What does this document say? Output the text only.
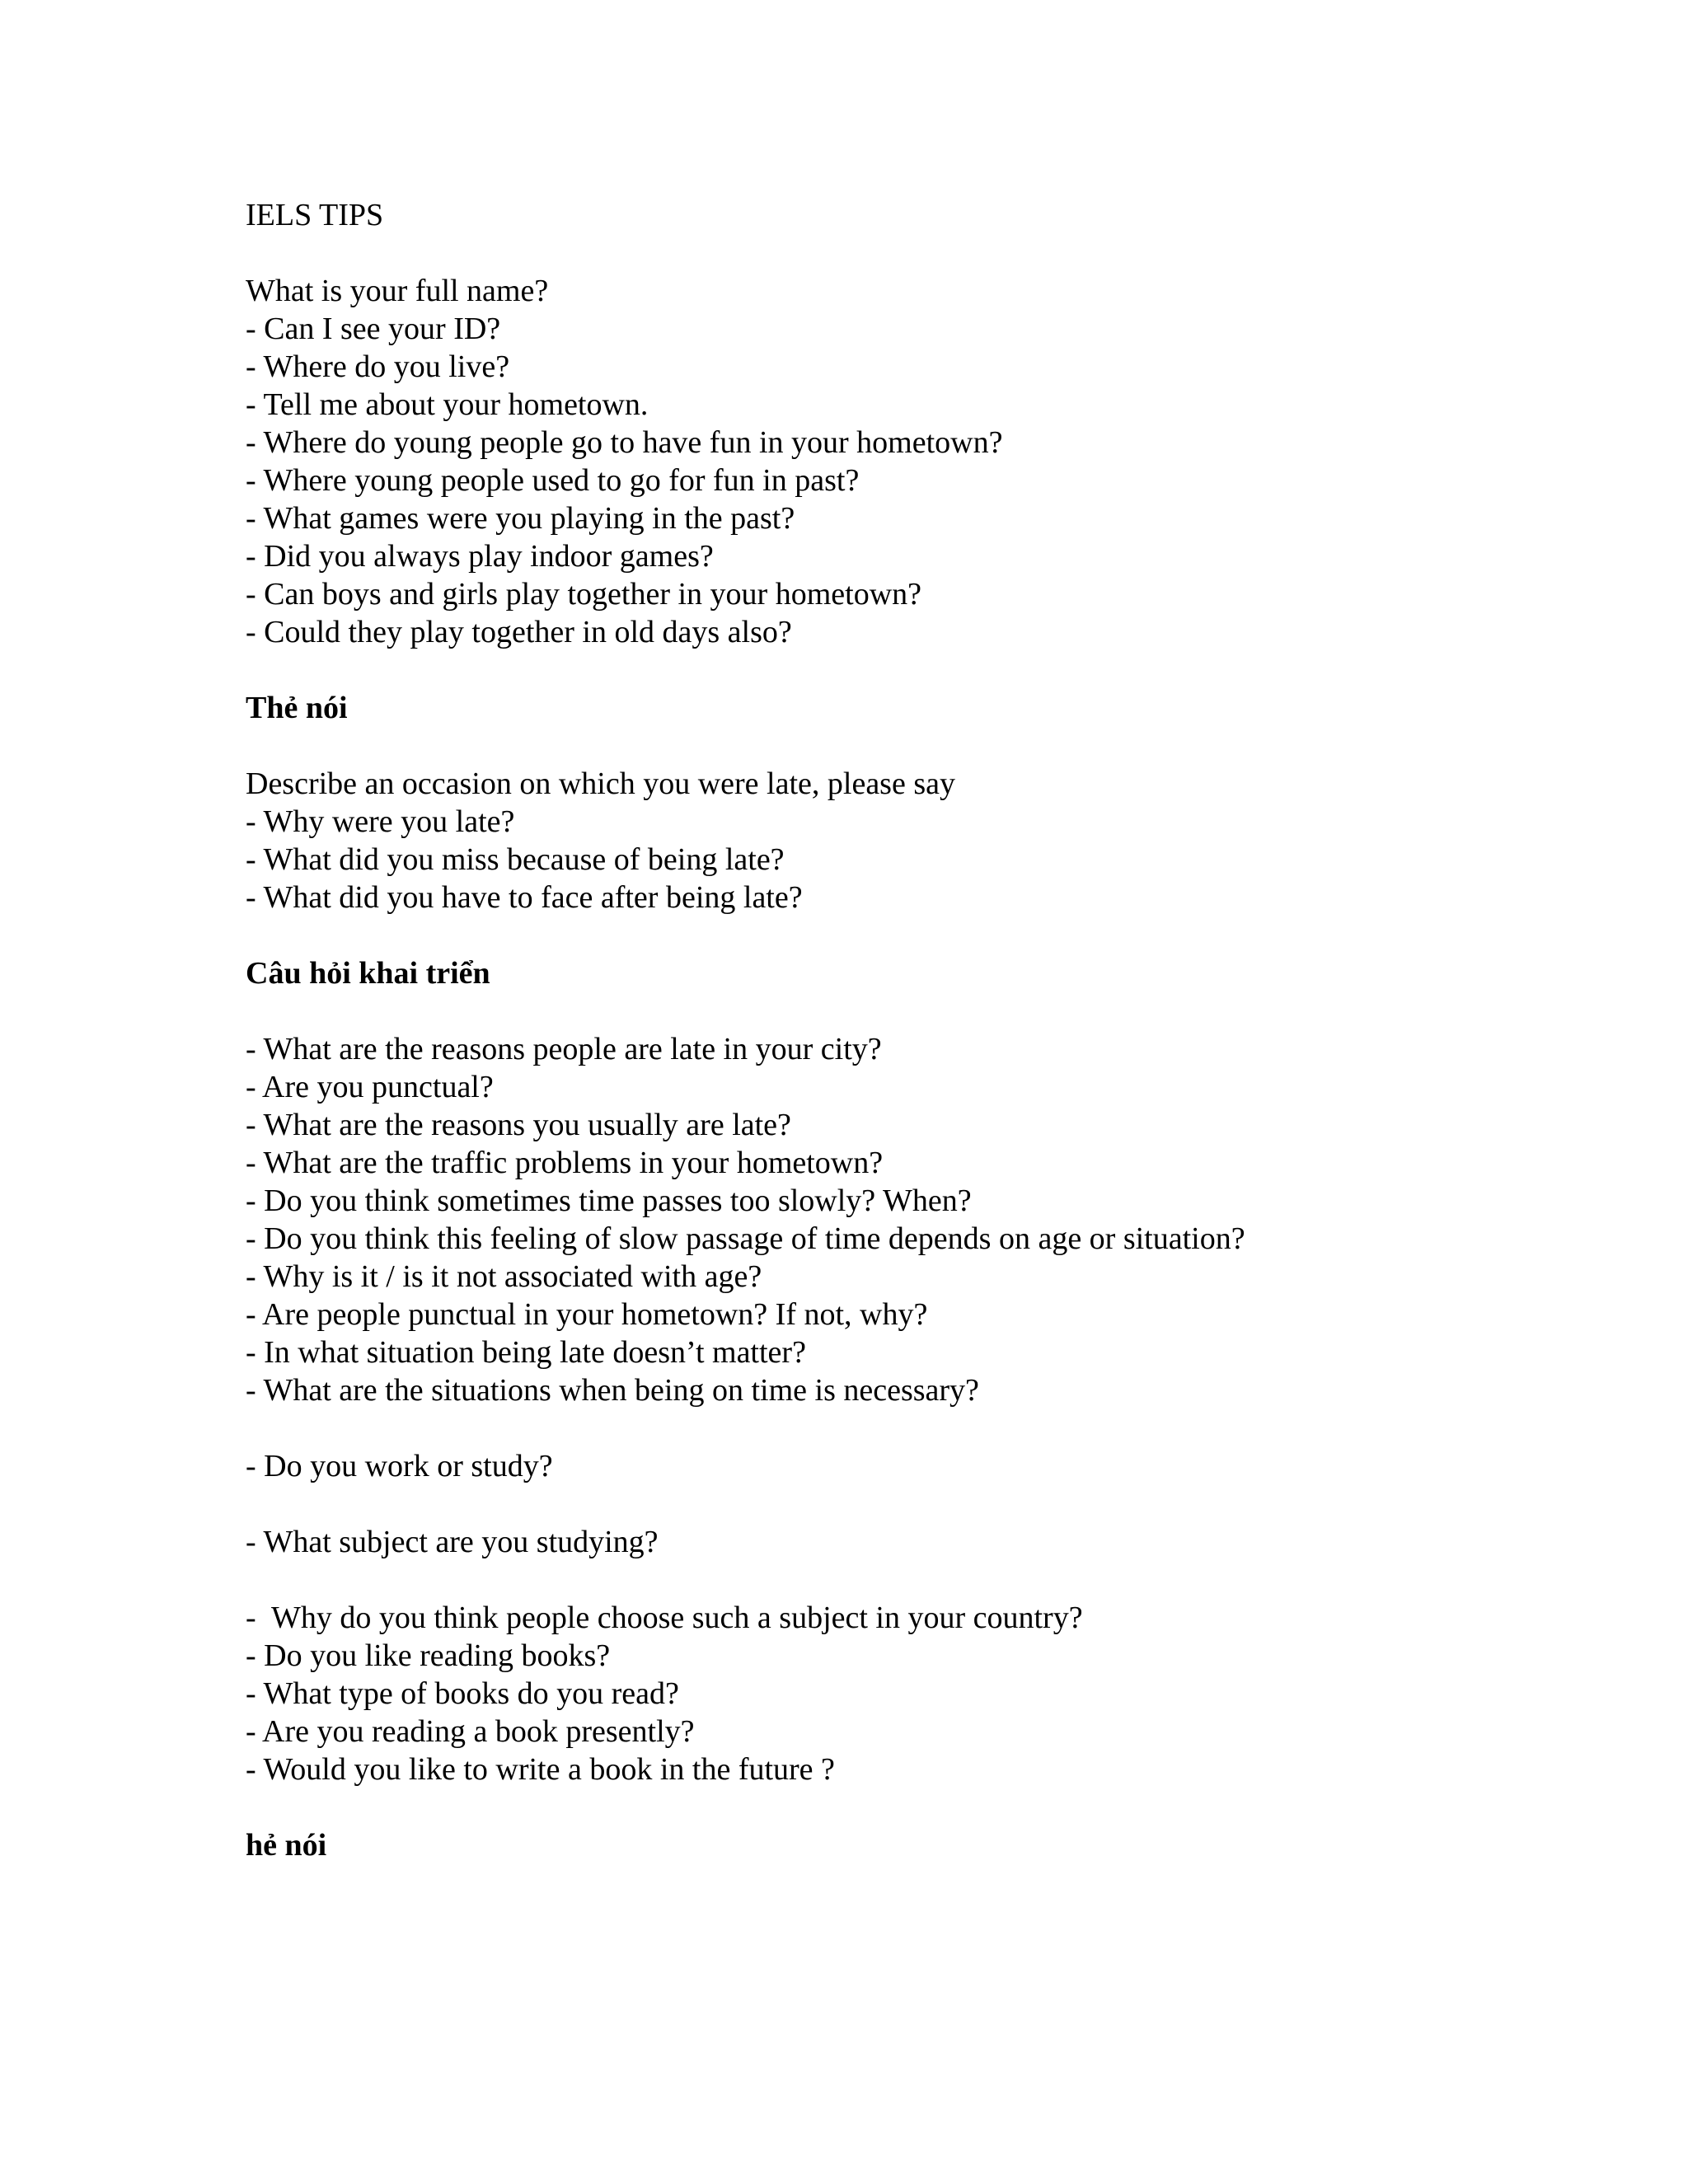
IELS TIPS

What is your full name?

- Can I see your ID?

- Where do you live?

- Tell me about your hometown.

- Where do young people go to have fun in your hometown?

- Where young people used to go for fun in past?

- What games were you playing in the past?

- Did you always play indoor games?

- Can boys and girls play together in your hometown?

- Could they play together in old days also?

Thẻ nói

Describe an occasion on which you were late, please say

- Why were you late?

- What did you miss because of being late?

- What did you have to face after being late?

Câu hỏi khai triển

- What are the reasons people are late in your city?

- Are you punctual?

- What are the reasons you usually are late?

- What are the traffic problems in your hometown?

- Do you think sometimes time passes too slowly? When?

- Do you think this feeling of slow passage of time depends on age or situation?

- Why is it / is it not associated with age?

- Are people punctual in your hometown? If not, why?

- In what situation being late doesn’t matter?

- What are the situations when being on time is necessary?

- Do you work or study?

- What subject are you studying?

-  Why do you think people choose such a subject in your country?

- Do you like reading books?

- What type of books do you read?

- Are you reading a book presently?

- Would you like to write a book in the future ?

hẻ nói
